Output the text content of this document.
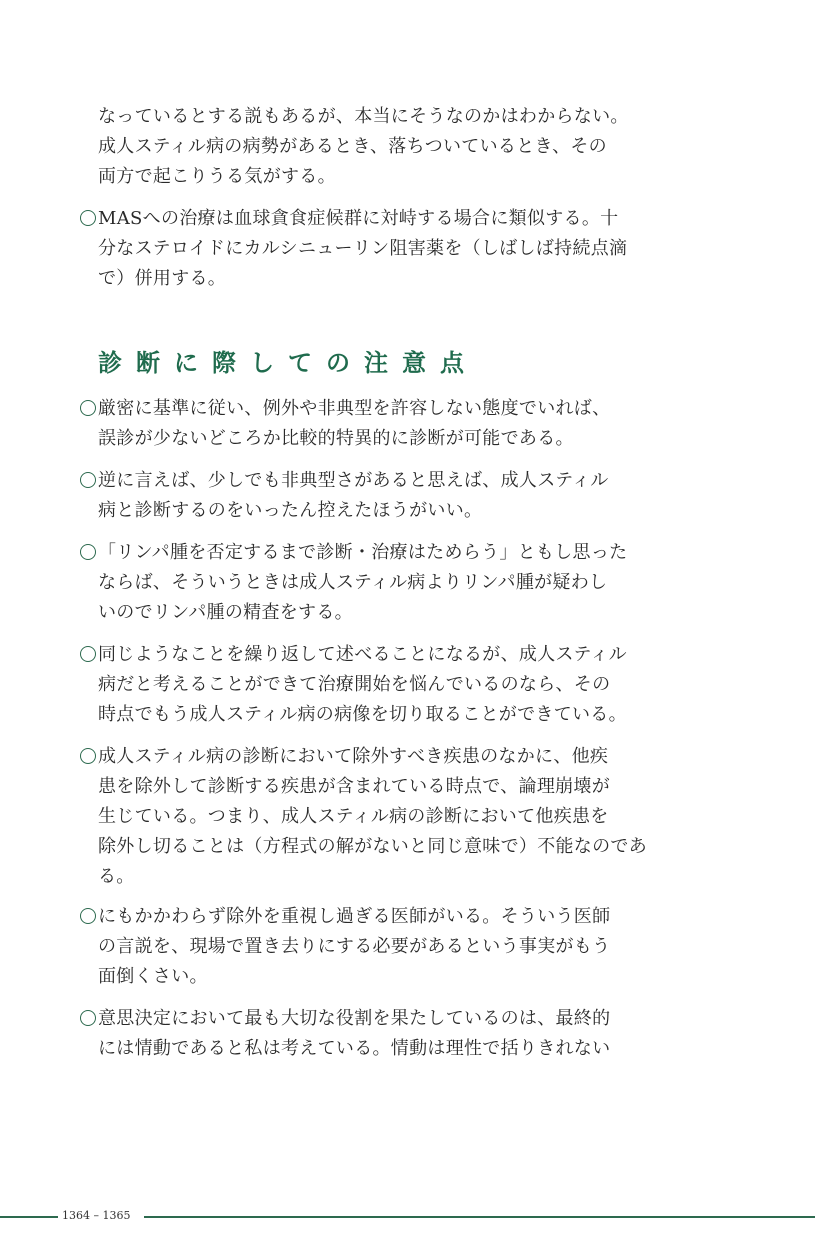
なっているとする説もあるが、本当にそうなのかはわからない。
成人スティル病の病勢があるとき、落ちついているとき、その
両方で起こりうる気がする。
MASへの治療は血球貪食症候群に対峙する場合に類似する。十
分なステロイドにカルシニューリン阻害薬を（しばしば持続点滴
で）併用する。
診断に際しての注意点
厳密に基準に従い、例外や非典型を許容しない態度でいれば、
誤診が少ないどころか比較的特異的に診断が可能である。
逆に言えば、少しでも非典型さがあると思えば、成人スティル
病と診断するのをいったん控えたほうがいい。
「リンパ腫を否定するまで診断・治療はためらう」ともし思った
ならば、そういうときは成人スティル病よりリンパ腫が疑わし
いのでリンパ腫の精査をする。
同じようなことを繰り返して述べることになるが、成人スティル
病だと考えることができて治療開始を悩んでいるのなら、その
時点でもう成人スティル病の病像を切り取ることができている。
成人スティル病の診断において除外すべき疾患のなかに、他疾
患を除外して診断する疾患が含まれている時点で、論理崩壊が
生じている。つまり、成人スティル病の診断において他疾患を
除外し切ることは（方程式の解がないと同じ意味で）不能なのであ
る。
にもかかわらず除外を重視し過ぎる医師がいる。そういう医師
の言説を、現場で置き去りにする必要があるという事実がもう
面倒くさい。
意思決定において最も大切な役割を果たしているのは、最終的
には情動であると私は考えている。情動は理性で括りきれない
1364 – 1365
